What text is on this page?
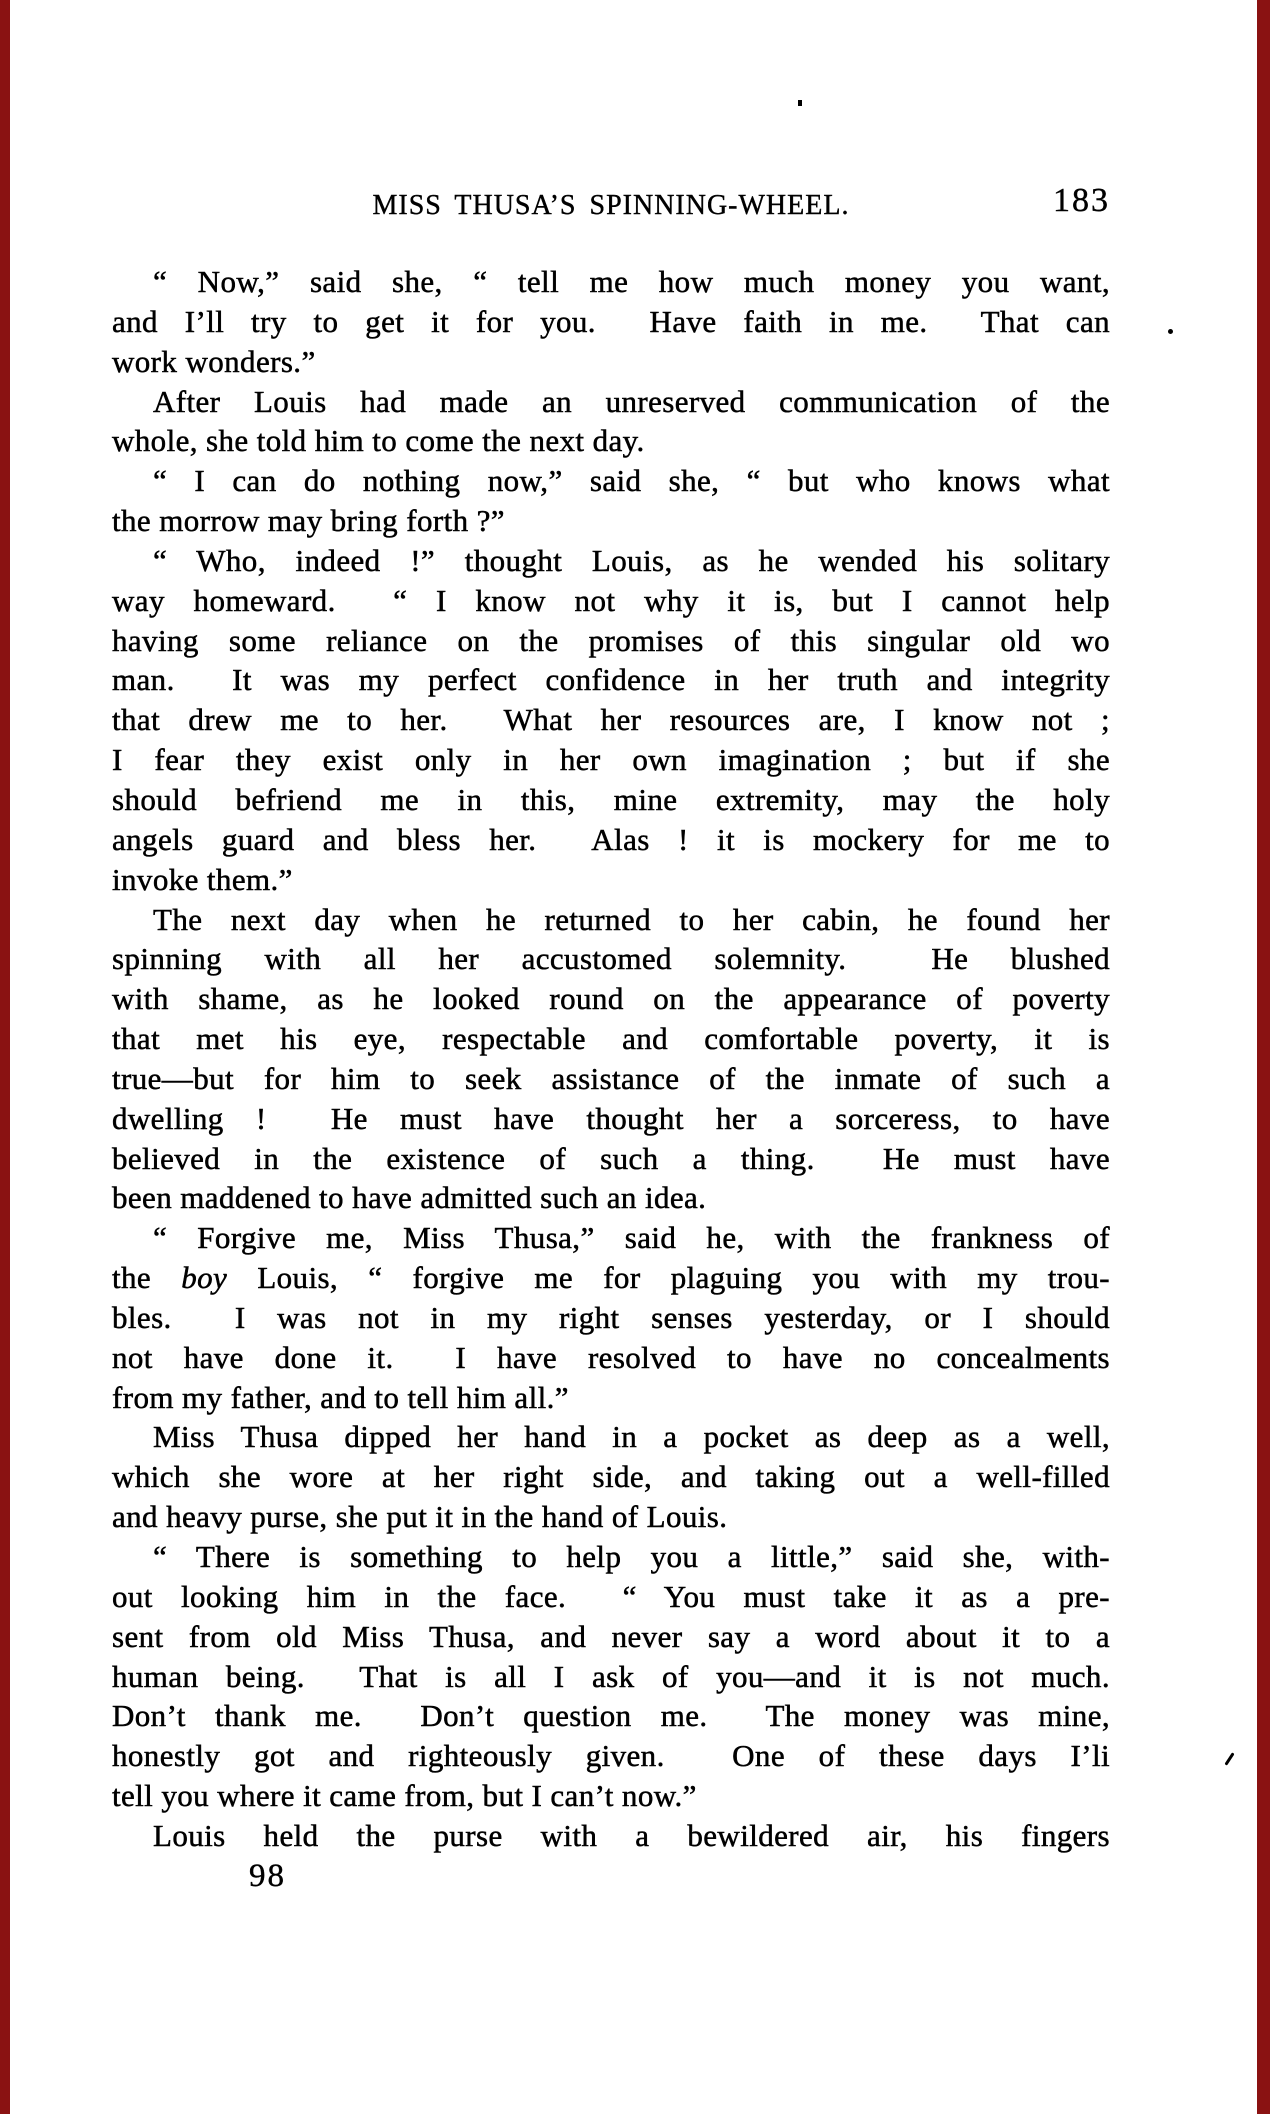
MISS THUSA’S SPINNING-WHEEL.	183
“ Now,” said she, “ tell me how much money you want,
and I’ll try to get it for you.  Have faith in me.  That can
work wonders.”
After Louis had made an unreserved communication of the
whole, she told him to come the next day.
“ I can do nothing now,” said she, “ but who knows what
the morrow may bring forth ?”
“ Who, indeed !” thought Louis, as he wended his solitary
way homeward.  “ I know not why it is, but I cannot help
having some reliance on the promises of this singular old wo
man.  It was my perfect confidence in her truth and integrity
that drew me to her.  What her resources are, I know not ;
I fear they exist only in her own imagination ; but if she
should befriend me in this, mine extremity, may the holy
angels guard and bless her.  Alas ! it is mockery for me to
invoke them.”
The next day when he returned to her cabin, he found her
spinning with all her accustomed solemnity.  He blushed
with shame, as he looked round on the appearance of poverty
that met his eye, respectable and comfortable poverty, it is
true—but for him to seek assistance of the inmate of such a
dwelling !  He must have thought her a sorceress, to have
believed in the existence of such a thing.  He must have
been maddened to have admitted such an idea.
“ Forgive me, Miss Thusa,” said he, with the frankness of
the boy Louis, “ forgive me for plaguing you with my trou-
bles.  I was not in my right senses yesterday, or I should
not have done it.  I have resolved to have no concealments
from my father, and to tell him all.”
Miss Thusa dipped her hand in a pocket as deep as a well,
which she wore at her right side, and taking out a well-filled
and heavy purse, she put it in the hand of Louis.
“ There is something to help you a little,” said she, with-
out looking him in the face.  “ You must take it as a pre-
sent from old Miss Thusa, and never say a word about it to a
human being.  That is all I ask of you—and it is not much.
Don’t thank me.  Don’t question me.  The money was mine,
honestly got and righteously given.  One of these days I’li
tell you where it came from, but I can’t now.”
Louis held the purse with a bewildered air, his fingers
98
